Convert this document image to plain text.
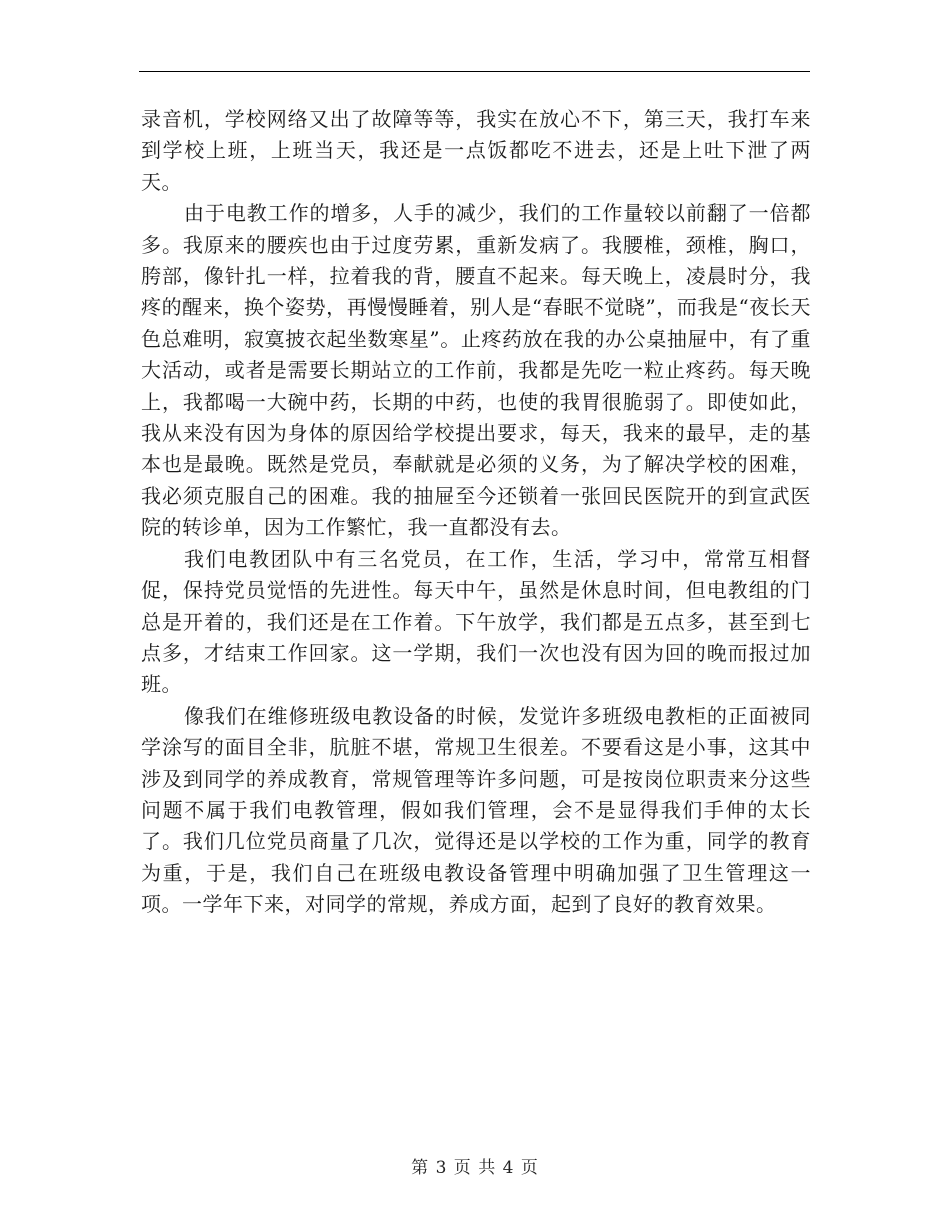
录音机，学校网络又出了故障等等，我实在放心不下，第三天，我打车来到学校上班，上班当天，我还是一点饭都吃不进去，还是上吐下泄了两天。

由于电教工作的增多，人手的减少，我们的工作量较以前翻了一倍都多。我原来的腰疾也由于过度劳累，重新发病了。我腰椎，颈椎，胸口，胯部，像针扎一样，拉着我的背，腰直不起来。每天晚上，凌晨时分，我疼的醒来，换个姿势，再慢慢睡着，别人是“春眠不觉晓”，而我是“夜长天色总难明，寂寞披衣起坐数寒星”。止疼药放在我的办公桌抽屉中，有了重大活动，或者是需要长期站立的工作前，我都是先吃一粒止疼药。每天晚上，我都喝一大碗中药，长期的中药，也使的我胃很脆弱了。即使如此，我从来没有因为身体的原因给学校提出要求，每天，我来的最早，走的基本也是最晚。既然是党员，奉献就是必须的义务，为了解决学校的困难，我必须克服自己的困难。我的抽屉至今还锁着一张回民医院开的到宣武医院的转诊单，因为工作繁忙，我一直都没有去。

我们电教团队中有三名党员，在工作，生活，学习中，常常互相督促，保持党员觉悟的先进性。每天中午，虽然是休息时间，但电教组的门总是开着的，我们还是在工作着。下午放学，我们都是五点多，甚至到七点多，才结束工作回家。这一学期，我们一次也没有因为回的晚而报过加班。

像我们在维修班级电教设备的时候，发觉许多班级电教柜的正面被同学涂写的面目全非，肮脏不堪，常规卫生很差。不要看这是小事，这其中涉及到同学的养成教育，常规管理等许多问题，可是按岗位职责来分这些问题不属于我们电教管理，假如我们管理，会不是显得我们手伸的太长了。我们几位党员商量了几次，觉得还是以学校的工作为重，同学的教育为重，于是，我们自己在班级电教设备管理中明确加强了卫生管理这一项。一学年下来，对同学的常规，养成方面，起到了良好的教育效果。

第 3 页 共 4 页
